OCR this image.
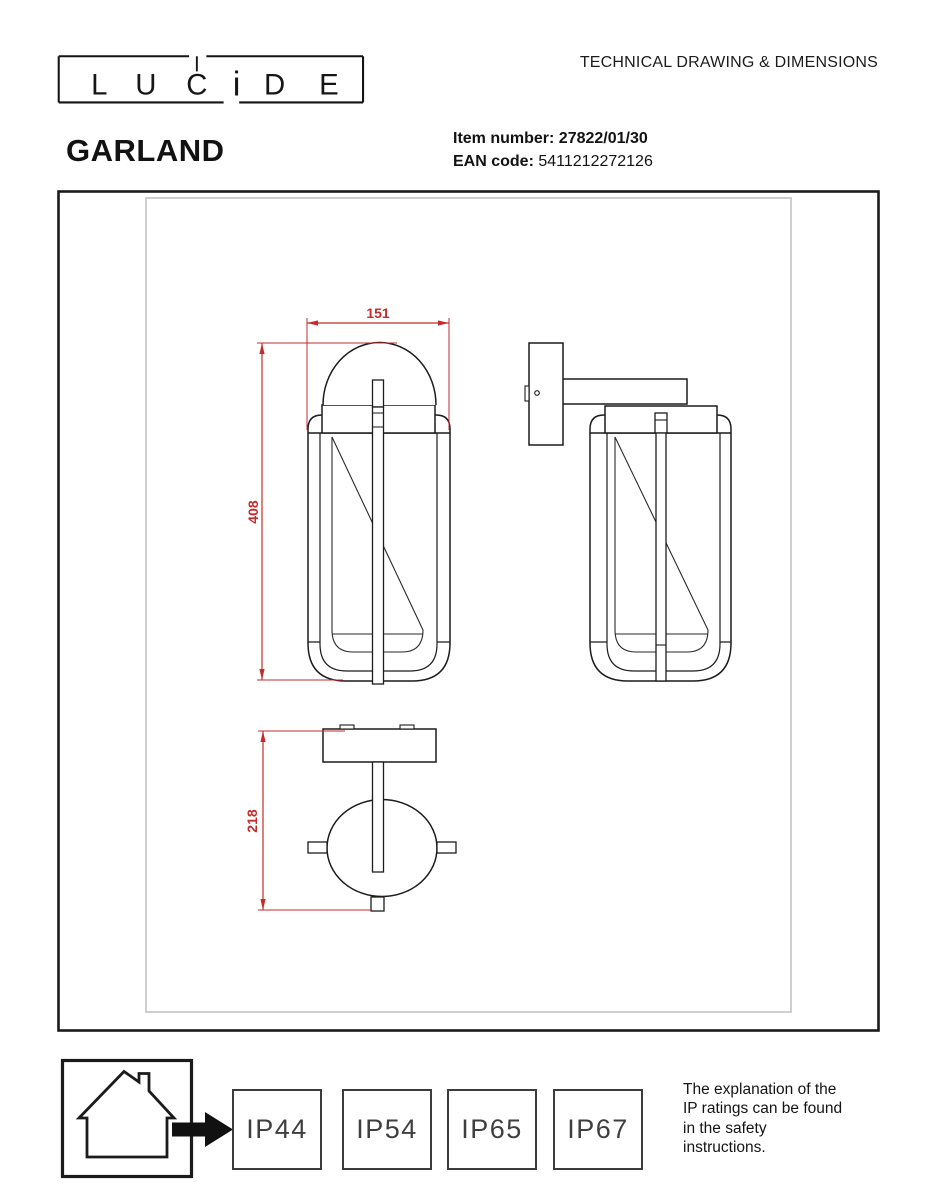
L U C i D E
TECHNICAL DRAWING & DIMENSIONS
GARLAND	Item number: 27822/01/30
EAN code: 5411212272126
151
408
218
IP44	IP54	IP65	IP67
The explanation of the
IP ratings can be found
in the safety
instructions.
